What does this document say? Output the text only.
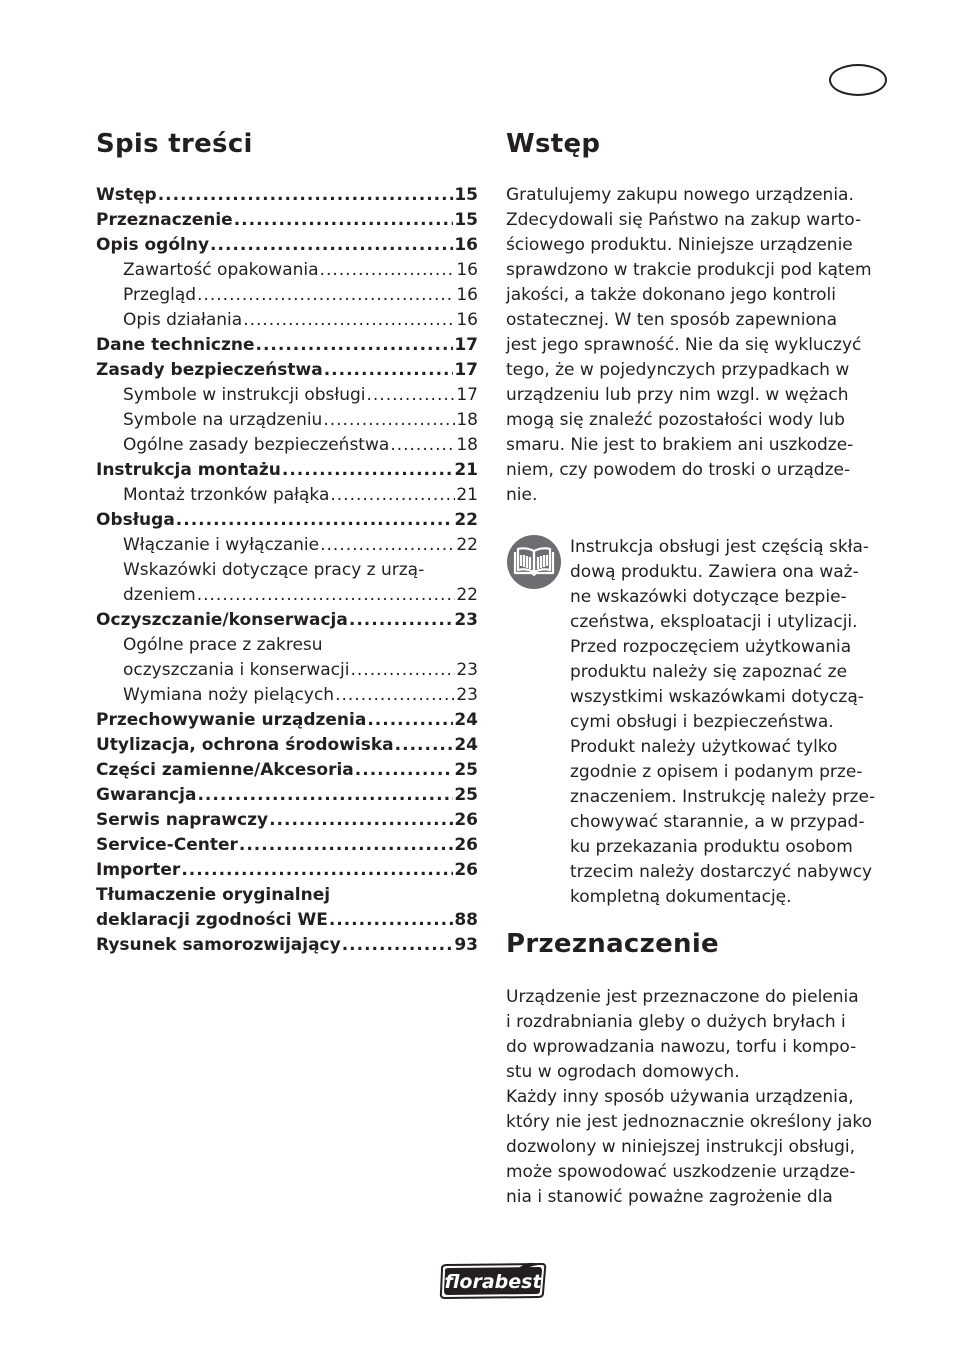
Spis treści
Wstęp .....	15
Przeznaczenie .....	15
Opis ogólny .....	16
Zawartość opakowania .....	16
Przegląd .....	16
Opis działania .....	16
Dane techniczne .....	17
Zasady bezpieczeństwa .....	17
Symbole w instrukcji obsługi .....	17
Symbole na urządzeniu .....	18
Ogólne zasady bezpieczeństwa .....	18
Instrukcja montażu .....	21
Montaż trzonków pałąka .....	21
Obsługa .....	22
Włączanie i wyłączanie .....	22
Wskazówki dotyczące pracy z urzą-
dzeniem .....	22
Oczyszczanie/konserwacja .....	23
Ogólne prace z zakresu
oczyszczania i konserwacji .....	23
Wymiana noży pielących .....	23
Przechowywanie urządzenia .....	24
Utylizacja, ochrona środowiska .....	24
Części zamienne/Akcesoria .....	25
Gwarancja .....	25
Serwis naprawczy .....	26
Service-Center .....	26
Importer .....	26
Tłumaczenie oryginalnej
deklaracji zgodności WE .....	88
Rysunek samorozwijający .....	93
Wstęp

Gratulujemy zakupu nowego urządzenia.

Zdecydowali się Państwo na zakup warto-

ściowego produktu. Niniejsze urządzenie

sprawdzono w trakcie produkcji pod kątem

jakości, a także dokonano jego kontroli

ostatecznej. W ten sposób zapewniona

jest jego sprawność. Nie da się wykluczyć

tego, że w pojedynczych przypadkach w

urządzeniu lub przy nim wzgl. w wężach

mogą się znaleźć pozostałości wody lub

smaru. Nie jest to brakiem ani uszkodze-

niem, czy powodem do troski o urządze-

nie.

Instrukcja obsługi jest częścią skła-

dową produktu. Zawiera ona waż-

ne wskazówki dotyczące bezpie-

czeństwa, eksploatacji i utylizacji.

Przed rozpoczęciem użytkowania

produktu należy się zapoznać ze

wszystkimi wskazówkami dotyczą-

cymi obsługi i bezpieczeństwa.

Produkt należy użytkować tylko

zgodnie z opisem i podanym prze-

znaczeniem. Instrukcję należy prze-

chowywać starannie, a w przypad-

ku przekazania produktu osobom

trzecim należy dostarczyć nabywcy

kompletną dokumentację.

Przeznaczenie

Urządzenie jest przeznaczone do pielenia

i rozdrabniania gleby o dużych bryłach i

do wprowadzania nawozu, torfu i kompo-

stu w ogrodach domowych.

Każdy inny sposób używania urządzenia,

który nie jest jednoznacznie określony jako

dozwolony w niniejszej instrukcji obsługi,

może spowodować uszkodzenie urządze-

nia i stanowić poważne zagrożenie dla

florabest
